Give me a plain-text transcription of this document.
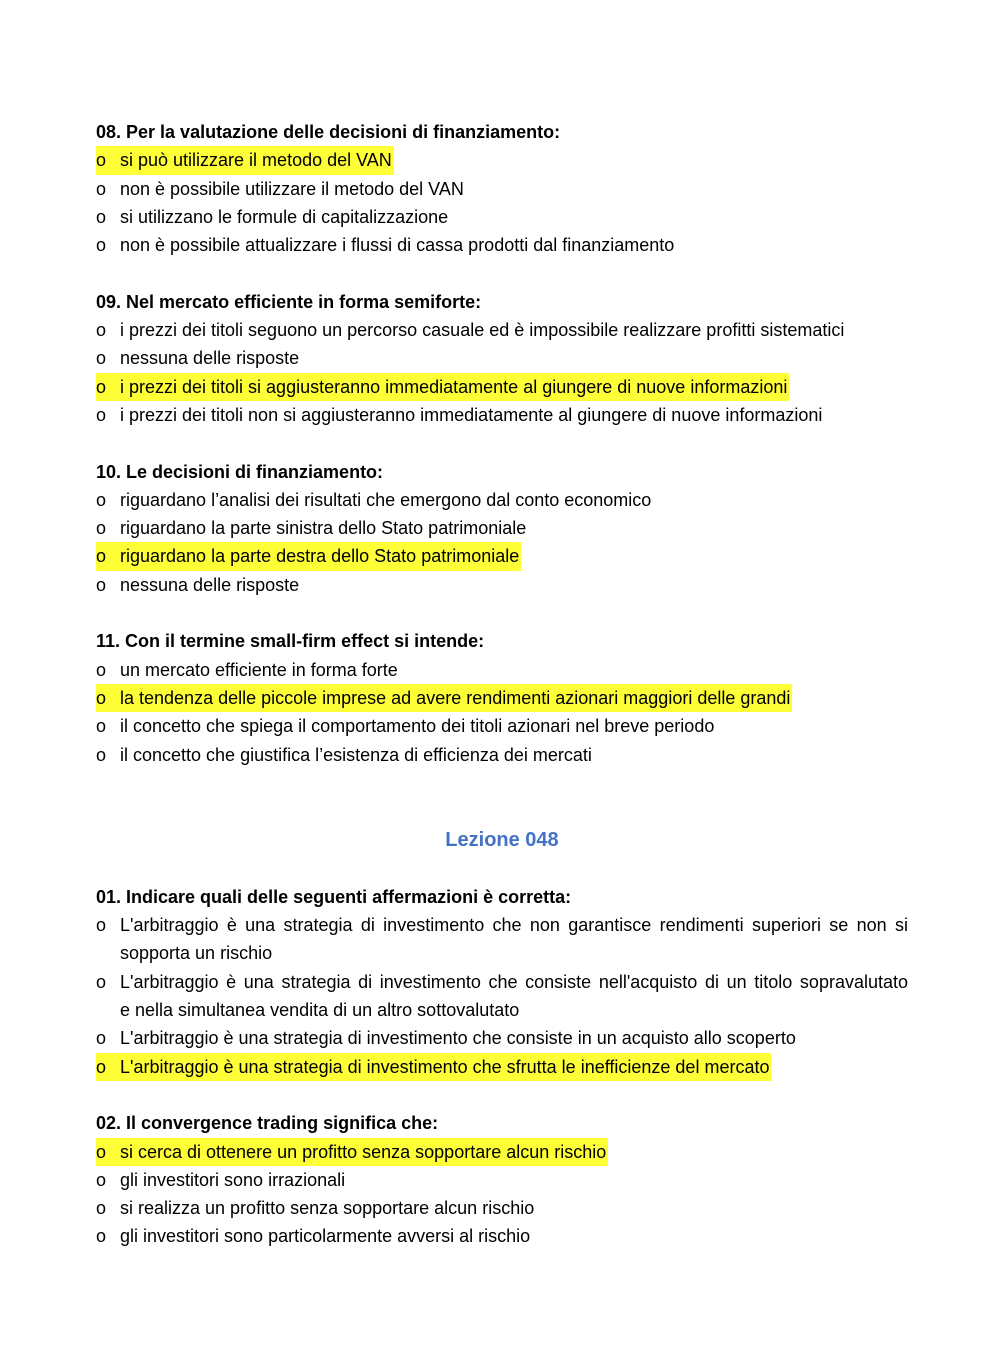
08. Per la valutazione delle decisioni di finanziamento:
o si può utilizzare il metodo del VAN
o non è possibile utilizzare il metodo del VAN
o si utilizzano le formule di capitalizzazione
o non è possibile attualizzare i flussi di cassa prodotti dal finanziamento
09. Nel mercato efficiente in forma semiforte:
o i prezzi dei titoli seguono un percorso casuale ed è impossibile realizzare profitti sistematici
o nessuna delle risposte
o i prezzi dei titoli si aggiusteranno immediatamente al giungere di nuove informazioni
o i prezzi dei titoli non si aggiusteranno immediatamente al giungere di nuove informazioni
10. Le decisioni di finanziamento:
o riguardano l’analisi dei risultati che emergono dal conto economico
o riguardano la parte sinistra dello Stato patrimoniale
o riguardano la parte destra dello Stato patrimoniale
o nessuna delle risposte
11. Con il termine small-firm effect si intende:
o un mercato efficiente in forma forte
o la tendenza delle piccole imprese ad avere rendimenti azionari maggiori delle grandi
o il concetto che spiega il comportamento dei titoli azionari nel breve periodo
o il concetto che giustifica l’esistenza di efficienza dei mercati
Lezione 048
01. Indicare quali delle seguenti affermazioni è corretta:
o L'arbitraggio è una strategia di investimento che non garantisce rendimenti superiori se non si
sopporta un rischio
o L'arbitraggio è una strategia di investimento che consiste nell'acquisto di un titolo sopravalutato
e nella simultanea vendita di un altro sottovalutato
o L'arbitraggio è una strategia di investimento che consiste in un acquisto allo scoperto
o L'arbitraggio è una strategia di investimento che sfrutta le inefficienze del mercato
02. Il convergence trading significa che:
o si cerca di ottenere un profitto senza sopportare alcun rischio
o gli investitori sono irrazionali
o si realizza un profitto senza sopportare alcun rischio
o gli investitori sono particolarmente avversi al rischio
